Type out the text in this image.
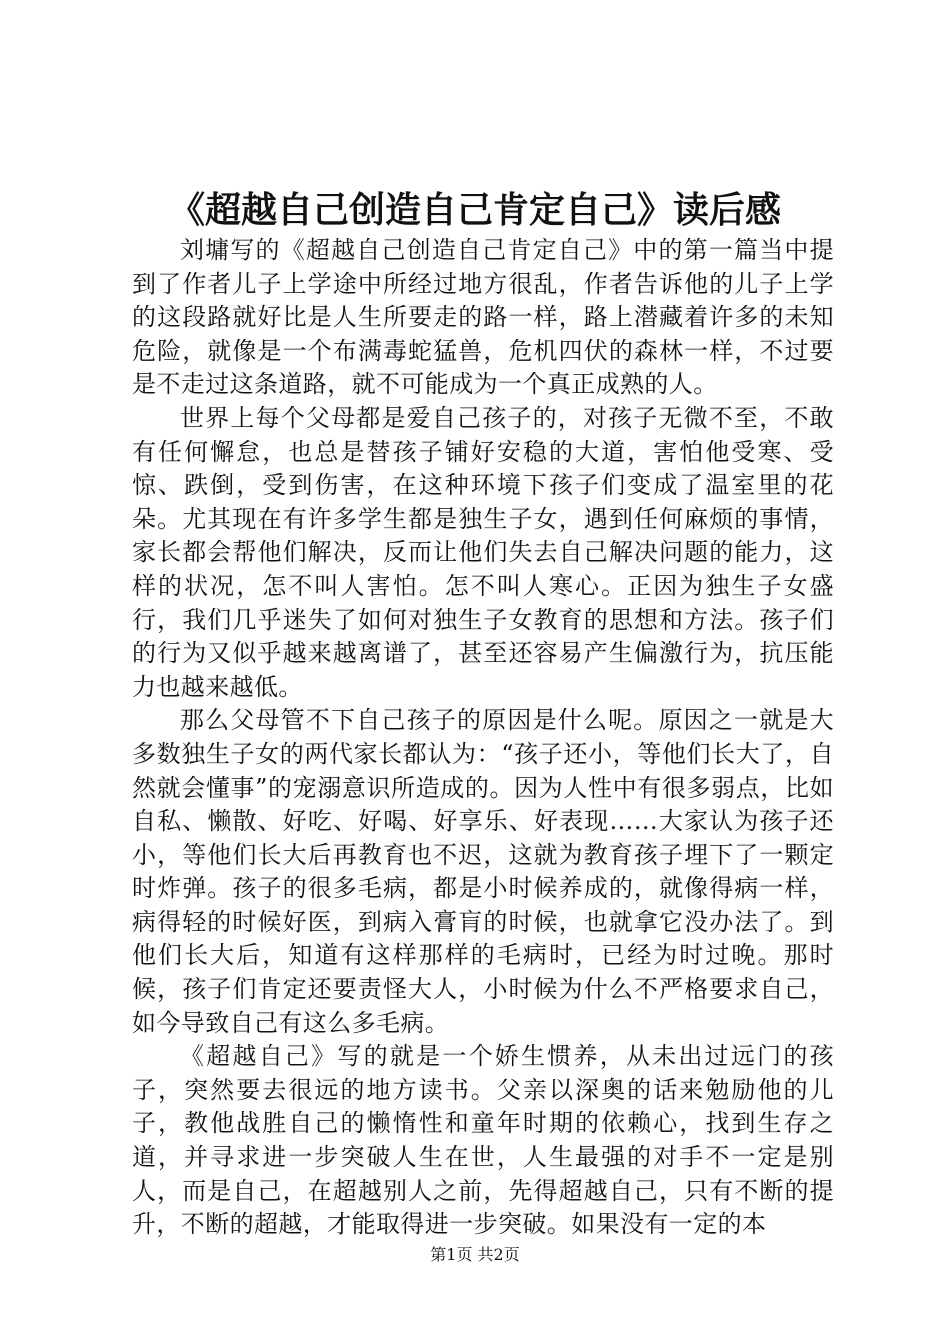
《超越自己创造自己肯定自己》读后感

刘墉写的《超越自己创造自己肯定自己》中的第一篇当中提到了作者儿子上学途中所经过地方很乱，作者告诉他的儿子上学的这段路就好比是人生所要走的路一样，路上潜藏着许多的未知危险，就像是一个布满毒蛇猛兽，危机四伏的森林一样，不过要是不走过这条道路，就不可能成为一个真正成熟的人。

世界上每个父母都是爱自己孩子的，对孩子无微不至，不敢有任何懈怠，也总是替孩子铺好安稳的大道，害怕他受寒、受惊、跌倒，受到伤害，在这种环境下孩子们变成了温室里的花朵。尤其现在有许多学生都是独生子女，遇到任何麻烦的事情，家长都会帮他们解决，反而让他们失去自己解决问题的能力，这样的状况，怎不叫人害怕。怎不叫人寒心。正因为独生子女盛行，我们几乎迷失了如何对独生子女教育的思想和方法。孩子们的行为又似乎越来越离谱了，甚至还容易产生偏激行为，抗压能力也越来越低。

那么父母管不下自己孩子的原因是什么呢。原因之一就是大多数独生子女的两代家长都认为：“孩子还小，等他们长大了，自然就会懂事”的宠溺意识所造成的。因为人性中有很多弱点，比如自私、懒散、好吃、好喝、好享乐、好表现……大家认为孩子还小，等他们长大后再教育也不迟，这就为教育孩子埋下了一颗定时炸弹。孩子的很多毛病，都是小时候养成的，就像得病一样，病得轻的时候好医，到病入膏肓的时候，也就拿它没办法了。到他们长大后，知道有这样那样的毛病时，已经为时过晚。那时候，孩子们肯定还要责怪大人，小时候为什么不严格要求自己，如今导致自己有这么多毛病。

《超越自己》写的就是一个娇生惯养，从未出过远门的孩子，突然要去很远的地方读书。父亲以深奥的话来勉励他的儿子，教他战胜自己的懒惰性和童年时期的依赖心，找到生存之道，并寻求进一步突破人生在世，人生最强的对手不一定是别人，而是自己，在超越别人之前，先得超越自己，只有不断的提升，不断的超越，才能取得进一步突破。如果没有一定的本

第1页 共2页
